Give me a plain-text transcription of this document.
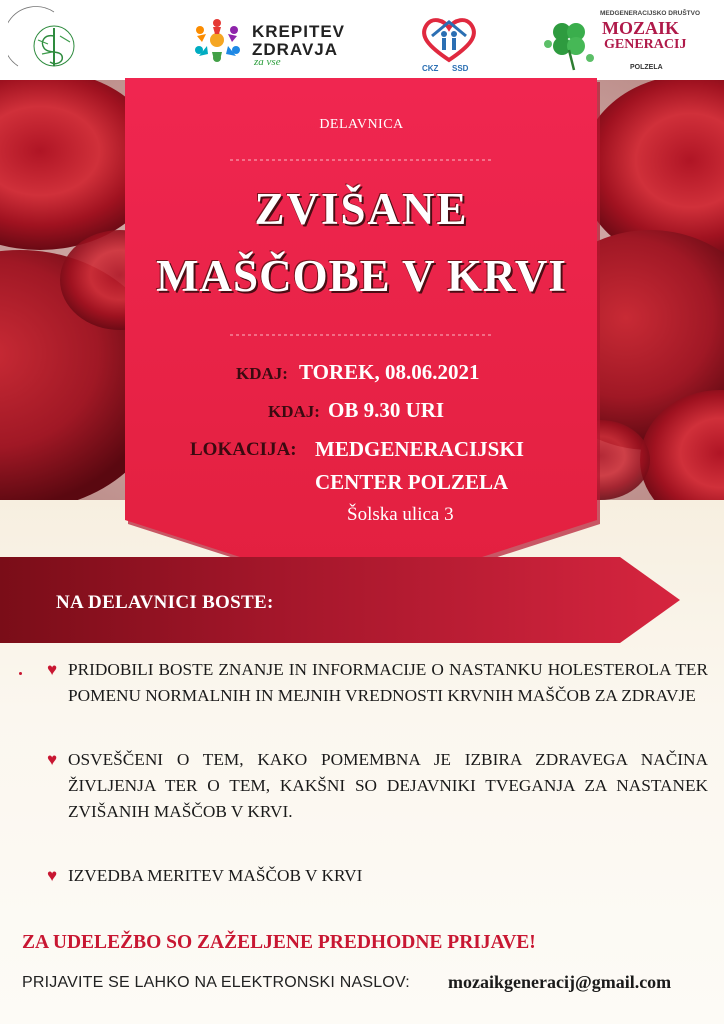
KREPITEV
ZDRAVJA
za vse
CKZ SSD
MEDGENERACIJSKO DRUŠTVO
MOZAIK
GENERACIJ
POLZELA
DELAVNICA
ZVIŠANE
MAŠČOBE V KRVI
KDAJ: TOREK, 08.06.2021
KDAJ: OB 9.30 URI
LOKACIJA: MEDGENERACIJSKI
CENTER POLZELA
Šolska ulica 3
NA DELAVNICI BOSTE:
♥ PRIDOBILI BOSTE ZNANJE IN INFORMACIJE O NASTANKU HOLESTEROLA TER POMENU NORMALNIH IN MEJNIH VREDNOSTI KRVNIH MAŠČOB ZA ZDRAVJE
♥ OSVEŠČENI O TEM, KAKO POMEMBNA JE IZBIRA ZDRAVEGA NAČINA ŽIVLJENJA TER O TEM, KAKŠNI SO DEJAVNIKI TVEGANJA ZA NASTANEK ZVIŠANIH MAŠČOB V KRVI.
♥ IZVEDBA MERITEV MAŠČOB V KRVI
ZA UDELEŽBO SO ZAŽELJENE PREDHODNE PRIJAVE!
PRIJAVITE SE LAHKO NA ELEKTRONSKI NASLOV: mozaikgeneracij@gmail.com
